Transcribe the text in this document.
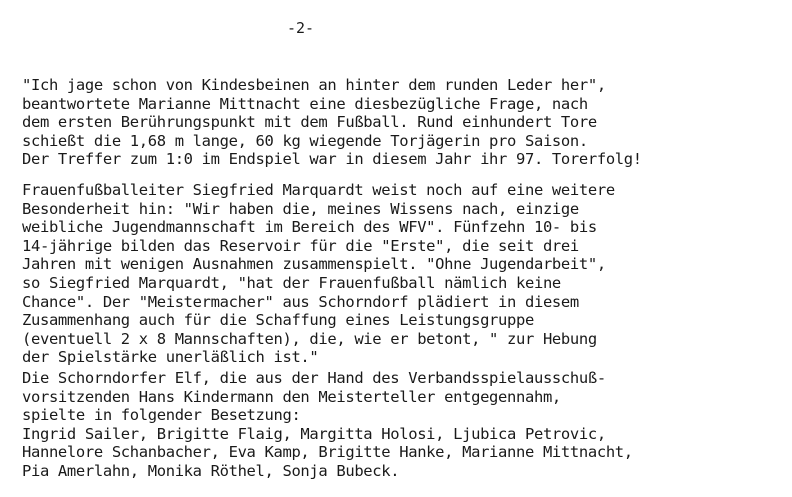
-2-
"Ich jage schon von Kindesbeinen an hinter dem runden Leder her",
beantwortete Marianne Mittnacht eine diesbezügliche Frage, nach
dem ersten Berührungspunkt mit dem Fußball. Rund einhundert Tore
schießt die 1,68 m lange, 60 kg wiegende Torjägerin pro Saison.
Der Treffer zum 1:0 im Endspiel war in diesem Jahr ihr 97. Torerfolg!
Frauenfußballeiter Siegfried Marquardt weist noch auf eine weitere
Besonderheit hin: "Wir haben die, meines Wissens nach, einzige
weibliche Jugendmannschaft im Bereich des WFV". Fünfzehn 10- bis
14-jährige bilden das Reservoir für die "Erste", die seit drei
Jahren mit wenigen Ausnahmen zusammenspielt. "Ohne Jugendarbeit",
so Siegfried Marquardt, "hat der Frauenfußball nämlich keine
Chance". Der "Meistermacher" aus Schorndorf plädiert in diesem
Zusammenhang auch für die Schaffung eines Leistungsgruppe
(eventuell 2 x 8 Mannschaften), die, wie er betont, " zur Hebung
der Spielstärke unerläßlich ist."
Die Schorndorfer Elf, die aus der Hand des Verbandsspielausschuß-
vorsitzenden Hans Kindermann den Meisterteller entgegennahm,
spielte in folgender Besetzung:
Ingrid Sailer, Brigitte Flaig, Margitta Holosi, Ljubica Petrovic,
Hannelore Schanbacher, Eva Kamp, Brigitte Hanke, Marianne Mittnacht,
Pia Amerlahn, Monika Röthel, Sonja Bubeck.
